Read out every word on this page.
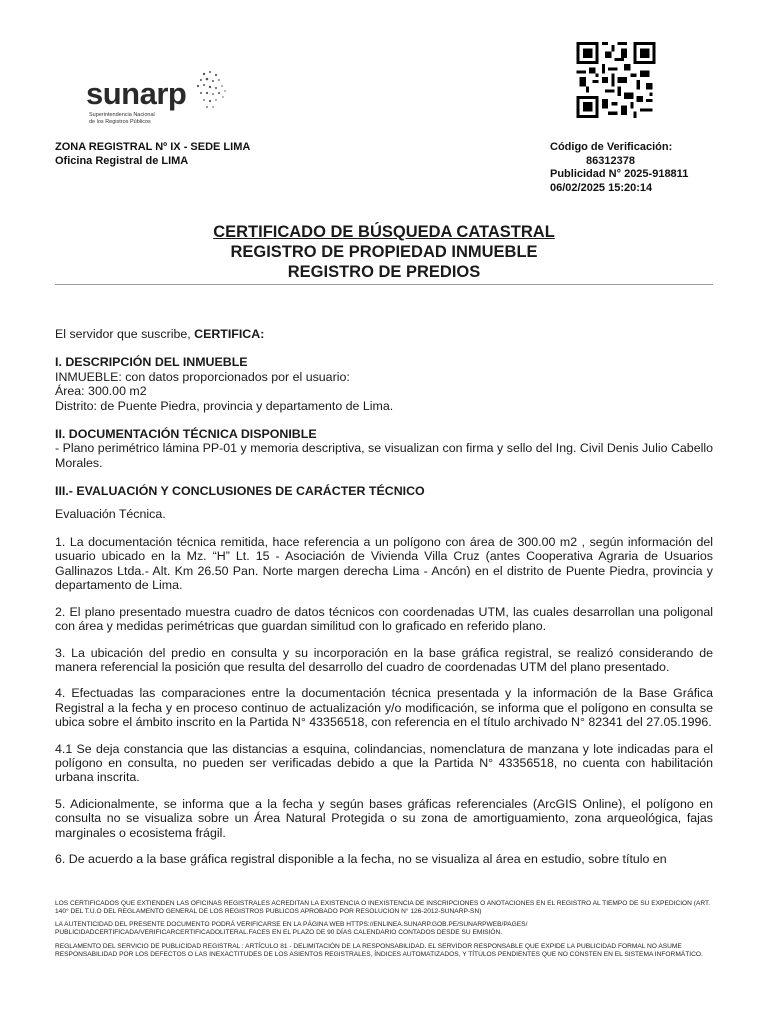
sunarp
Superintendencia Nacional
de los Registros Públicos
ZONA REGISTRAL Nº IX - SEDE LIMA
Oficina Registral de LIMA
Código de Verificación:
86312378
Publicidad N° 2025-918811
06/02/2025 15:20:14
CERTIFICADO DE BÚSQUEDA CATASTRAL
REGISTRO DE PROPIEDAD INMUEBLE
REGISTRO DE PREDIOS

El servidor que suscribe, CERTIFICA:

I. DESCRIPCIÓN DEL INMUEBLE

INMUEBLE: con datos proporcionados por el usuario:

Área: 300.00 m2

Distrito: de Puente Piedra, provincia y departamento de Lima.

II. DOCUMENTACIÓN TÉCNICA DISPONIBLE

- Plano perimétrico lámina PP-01 y memoria descriptiva, se visualizan con firma y sello del Ing. Civil Denis Julio Cabello Morales.

III.- EVALUACIÓN Y CONCLUSIONES DE CARÁCTER TÉCNICO

Evaluación Técnica.

1. La documentación técnica remitida, hace referencia a un polígono con área de 300.00 m2 , según información del usuario ubicado en la Mz. “H” Lt. 15 - Asociación de Vivienda Villa Cruz (antes Cooperativa Agraria de Usuarios Gallinazos Ltda.- Alt. Km 26.50 Pan. Norte margen derecha Lima - Ancón) en el distrito de Puente Piedra, provincia y departamento de Lima.

2. El plano presentado muestra cuadro de datos técnicos con coordenadas UTM, las cuales desarrollan una poligonal con área y medidas perimétricas que guardan similitud con lo graficado en referido plano.

3. La ubicación del predio en consulta y su incorporación en la base gráfica registral, se realizó considerando de manera referencial la posición que resulta del desarrollo del cuadro de coordenadas UTM del plano presentado.

4. Efectuadas las comparaciones entre la documentación técnica presentada y la información de la Base Gráfica Registral a la fecha y en proceso continuo de actualización y/o modificación, se informa que el polígono en consulta se ubica sobre el ámbito inscrito en la Partida N° 43356518, con referencia en el título archivado N° 82341 del 27.05.1996.

4.1 Se deja constancia que las distancias a esquina, colindancias, nomenclatura de manzana y lote indicadas para el polígono en consulta, no pueden ser verificadas debido a que la Partida N° 43356518, no cuenta con habilitación urbana inscrita.

5. Adicionalmente, se informa que a la fecha y según bases gráficas referenciales (ArcGIS Online), el polígono en consulta no se visualiza sobre un Área Natural Protegida o su zona de amortiguamiento, zona arqueológica, fajas marginales o ecosistema frágil.

6. De acuerdo a la base gráfica registral disponible a la fecha, no se visualiza al área en estudio, sobre título en

LOS CERTIFICADOS QUE EXTIENDEN LAS OFICINAS REGISTRALES ACREDITAN LA EXISTENCIA O INEXISTENCIA DE INSCRIPCIONES O ANOTACIONES EN EL REGISTRO AL TIEMPO DE SU EXPEDICION (ART. 140° DEL T.U.O DEL REGLAMENTO GENERAL DE LOS REGISTROS PUBLICOS APROBADO POR RESOLUCION N° 126-2012-SUNARP-SN)

LA AUTENTICIDAD DEL PRESENTE DOCUMENTO PODRÁ VERIFICARSE EN LA PÁGINA WEB HTTPS://ENLINEA.SUNARP.GOB.PE/SUNARPWEB/PAGES/ PUBLICIDADCERTIFICADA/VERIFICARCERTIFICADOLITERAL.FACES EN EL PLAZO DE 90 DÍAS CALENDARIO CONTADOS DESDE SU EMISIÓN.

REGLAMENTO DEL SERVICIO DE PUBLICIDAD REGISTRAL : ARTÍCULO 81 - DELIMITACIÓN DE LA RESPONSABILIDAD. EL SERVIDOR RESPONSABLE QUE EXPIDE LA PUBLICIDAD FORMAL NO ASUME RESPONSABILIDAD POR LOS DEFECTOS O LAS INEXACTITUDES DE LOS ASIENTOS REGISTRALES, ÍNDICES AUTOMATIZADOS, Y TÍTULOS PENDIENTES QUE NO CONSTEN EN EL SISTEMA INFORMÁTICO.
